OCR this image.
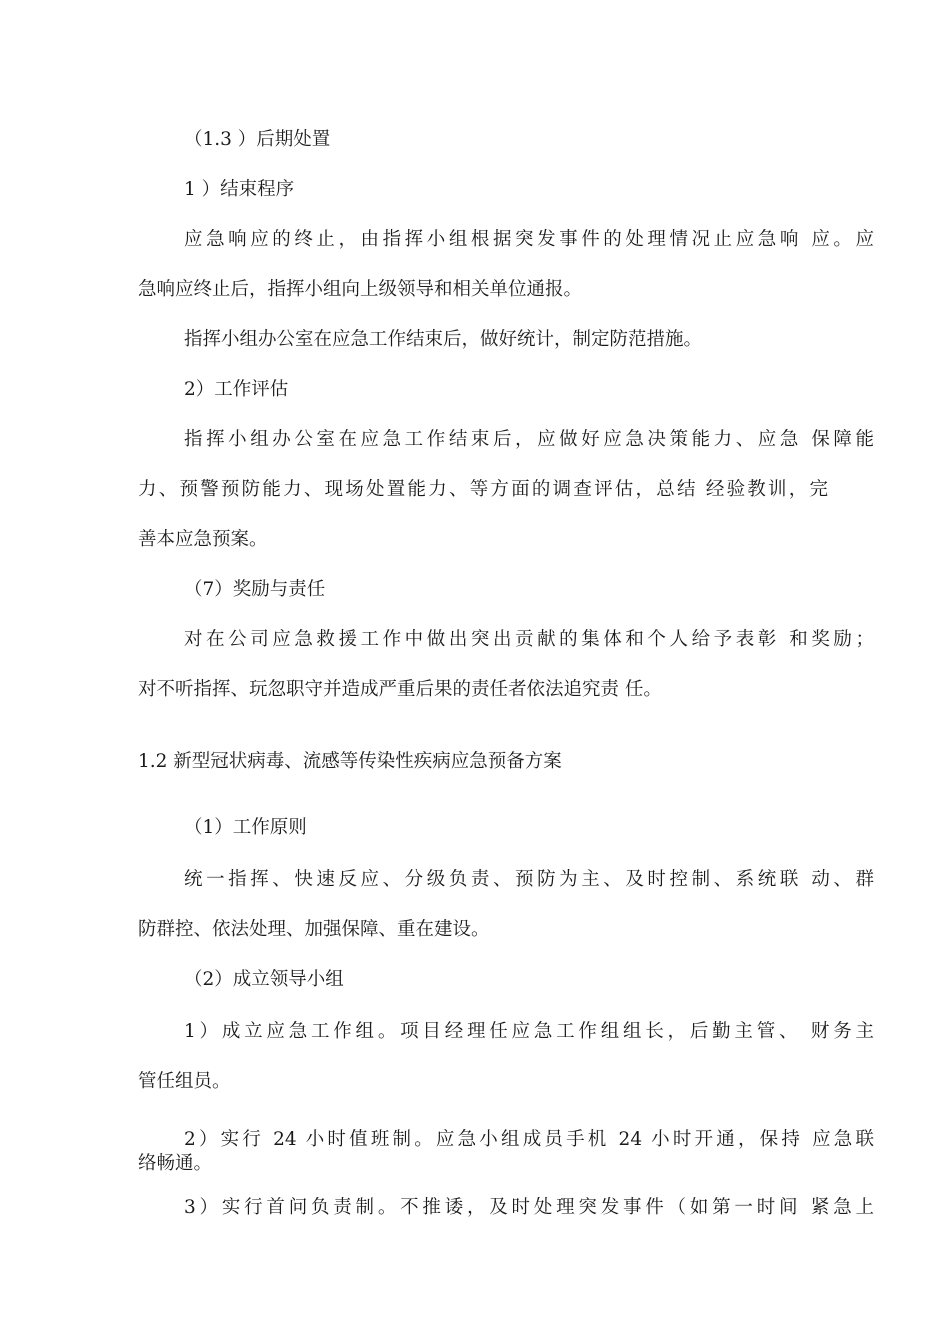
（1.3 ）后期处置
1 ）结束程序
应急响应的终止，由指挥小组根据突发事件的处理情况止应急响 应。应
急响应终止后，指挥小组向上级领导和相关单位通报。
指挥小组办公室在应急工作结束后，做好统计，制定防范措施。
2）工作评估
指挥小组办公室在应急工作结束后，应做好应急决策能力、应急 保障能
力、预警预防能力、现场处置能力、等方面的调查评估，总结 经验教训，完
善本应急预案。
（7）奖励与责任
对在公司应急救援工作中做出突出贡献的集体和个人给予表彰 和奖励；
对不听指挥、玩忽职守并造成严重后果的责任者依法追究责 任。
1.2 新型冠状病毒、流感等传染性疾病应急预备方案
（1）工作原则
统一指挥、快速反应、分级负责、预防为主、及时控制、系统联 动、群
防群控、依法处理、加强保障、重在建设。
（2）成立领导小组
1）成立应急工作组。项目经理任应急工作组组长，后勤主管、 财务主
管任组员。
2）实行 24 小时值班制。应急小组成员手机 24 小时开通，保持 应急联
络畅通。
3）实行首问负责制。不推诿，及时处理突发事件（如第一时间 紧急上
